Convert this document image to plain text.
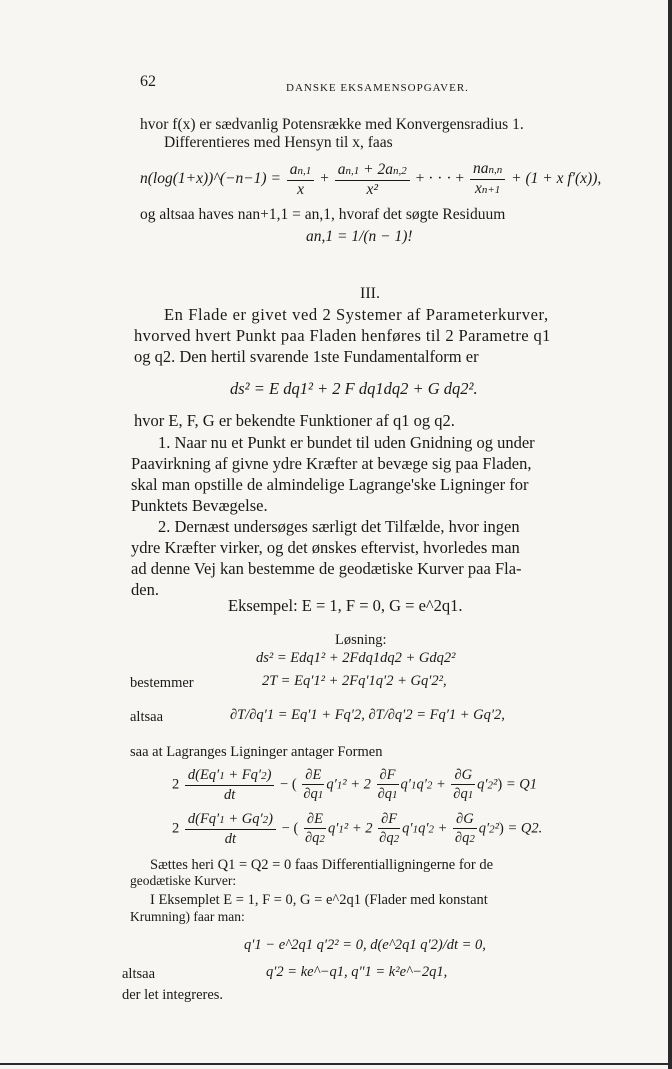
62	DANSKE EKSAMENSOPGAVER.
hvor f(x) er sædvanlig Potensrække med Konvergensradius 1.
Differentieres med Hensyn til x, faas
n(log(1+x))^(−n−1) = $\frac{an,1}{x} + \frac{an,1 + 2an,2}{\text{x²}}$ + · · · + $\frac{\text{nan,n}}{xn+1} + (1 + x$ f′(x)),
og altsaa haves nan+1,1 = an,1, hvoraf det søgte Residuum
an,1 = 1/(n − 1)!
III.
En Flade er givet ved 2 Systemer af Parameterkurver,
hvorved hvert Punkt paa Fladen henføres til 2 Parametre q1
og q2. Den hertil svarende 1ste Fundamentalform er
ds² = E dq1² + 2 F dq1dq2 + G dq2².
hvor E, F, G er bekendte Funktioner af q1 og q2.
1. Naar nu et Punkt er bundet til uden Gnidning og under
Paavirkning af givne ydre Kræfter at bevæge sig paa Fladen,
skal man opstille de almindelige Lagrange'ske Ligninger for
Punktets Bevægelse.
2. Dernæst undersøges særligt det Tilfælde, hvor ingen
ydre Kræfter virker, og det ønskes eftervist, hvorledes man
ad denne Vej kan bestemme de geodætiske Kurver paa Fla-
den.
Eksempel: E = 1, F = 0, G = e^2q1.
Løsning:
ds² = Edq1² + 2Fdq1dq2 + Gdq2²
bestemmer	2T = Eq′1² + 2Fq′1q′2 + Gq′2²,
altsaa	∂T/∂q′1 = Eq′1 + Fq′2, ∂T/∂q′2 = Fq′1 + Gq′2,
saa at Lagranges Ligninger antager Formen
$2 \frac{d(Eq'1 + Fq'2)}{dt}$ − ( $\frac{\partial E}{\partial q1} q'1^2 + 2 \frac{\partial F}{\partial q1} q'1q'2 + \frac{\partial G}{\partial q1} q'2^2) = Q1$
$2 \frac{d(Fq'1 + Gq'2)}{dt}$ − ( $\frac{\partial E}{\partial q2} q'1^2 + 2 \frac{\partial F}{\partial q2} q'1q'2 + \frac{\partial G}{\partial q2} q'2^2) = Q2$.
Sættes heri Q1 = Q2 = 0 faas Differentialligningerne for de
geodætiske Kurver:
I Eksemplet E = 1, F = 0, G = e^2q1 (Flader med konstant
Krumning) faar man:
q′1 − e^2q1 q′2² = 0, d(e^2q1 q′2)/dt = 0,
altsaa	q′2 = ke^−q1, q″1 = k²e^−2q1,
der let integreres.
